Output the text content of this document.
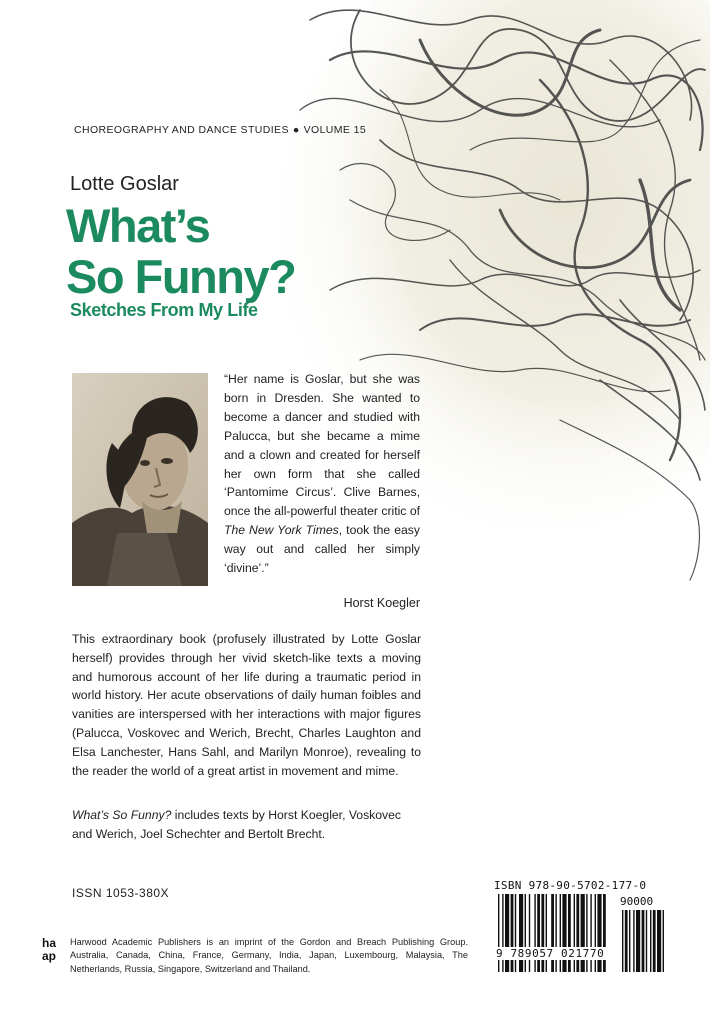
CHOREOGRAPHY AND DANCE STUDIES ● VOLUME 15
Lotte Goslar
What’s
So Funny?
Sketches From My Life
“Her name is Goslar, but she was born in Dresden. She wanted to become a dancer and studied with Palucca, but she became a mime and a clown and created for herself her own form that she called ‘Pantomime Circus’. Clive Barnes, once the all-powerful theater critic of The New York Times, took the easy way out and called her simply ‘divine’.”
Horst Koegler
This extraordinary book (profusely illustrated by Lotte Goslar herself) provides through her vivid sketch-like texts a moving and humorous account of her life during a traumatic period in world history. Her acute observations of daily human foibles and vanities are interspersed with her interactions with major figures (Palucca, Voskovec and Werich, Brecht, Charles Laughton and Elsa Lanchester, Hans Sahl, and Marilyn Monroe), revealing to the reader the world of a great artist in movement and mime.
What’s So Funny? includes texts by Horst Koegler, Voskovec and Werich, Joel Schechter and Bertolt Brecht.
ISSN 1053-380X
ha
ap
Harwood Academic Publishers is an imprint of the Gordon and Breach Publishing Group. Australia, Canada, China, France, Germany, India, Japan, Luxembourg, Malaysia, The Netherlands, Russia, Singapore, Switzerland and Thailand.
ISBN 978-90-5702-177-0
90000
9 789057 021770
